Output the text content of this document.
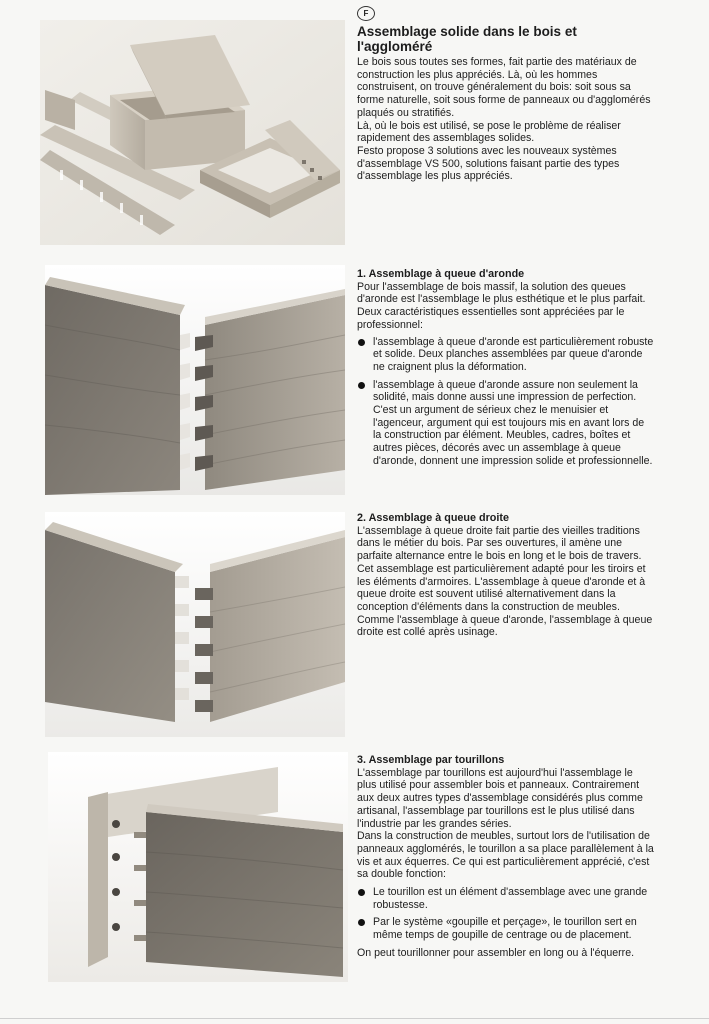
F
Assemblage solide dans le bois et
l'aggloméré

Le bois sous toutes ses formes, fait partie des matériaux de construction les plus appréciés. Là, où les hommes construisent, on trouve généralement du bois: soit sous sa forme naturelle, soit sous forme de panneaux ou d'agglomérés plaqués ou stratifiés.

Là, où le bois est utilisé, se pose le problème de réaliser rapidement des assemblages solides.

Festo propose 3 solutions avec les nouveaux systèmes d'assemblage VS 500, solutions faisant partie des types d'assemblage les plus appréciés.

1. Assemblage à queue d'aronde

Pour l'assemblage de bois massif, la solution des queues d'aronde est l'assemblage le plus esthétique et le plus parfait. Deux caractéristiques essentielles sont appréciées par le professionnel:

l'assemblage à queue d'aronde est particulièrement robuste et solide. Deux planches assemblées par queue d'aronde ne craignent plus la déformation.
l'assemblage à queue d'aronde assure non seulement la solidité, mais donne aussi une impression de perfection. C'est un argument de sérieux chez le menuisier et l'agenceur, argument qui est toujours mis en avant lors de la construction par élément. Meubles, cadres, boîtes et autres pièces, décorés avec un assemblage à queue d'aronde, donnent une impression solide et professionnelle.

2. Assemblage à queue droite

L'assemblage à queue droite fait partie des vieilles traditions dans le métier du bois. Par ses ouvertures, il amène une parfaite alternance entre le bois en long et le bois de travers. Cet assemblage est particulièrement adapté pour les tiroirs et les éléments d'armoires. L'assemblage à queue d'aronde et à queue droite est souvent utilisé alternativement dans la conception d'éléments dans la construction de meubles. Comme l'assemblage à queue d'aronde, l'assemblage à queue droite est collé après usinage.

3. Assemblage par tourillons

L'assemblage par tourillons est aujourd'hui l'assemblage le plus utilisé pour assembler bois et panneaux. Contrairement aux deux autres types d'assemblage considérés plus comme artisanal, l'assemblage par tourillons est le plus utilisé dans l'industrie par les grandes séries.

Dans la construction de meubles, surtout lors de l'utilisation de panneaux agglomérés, le tourillon a sa place parallèlement à la vis et aux équerres. Ce qui est particulièrement apprécié, c'est sa double fonction:

Le tourillon est un élément d'assemblage avec une grande robustesse.
Par le système «goupille et perçage», le tourillon sert en même temps de goupille de centrage ou de placement.

On peut tourillonner pour assembler en long ou à l'équerre.
